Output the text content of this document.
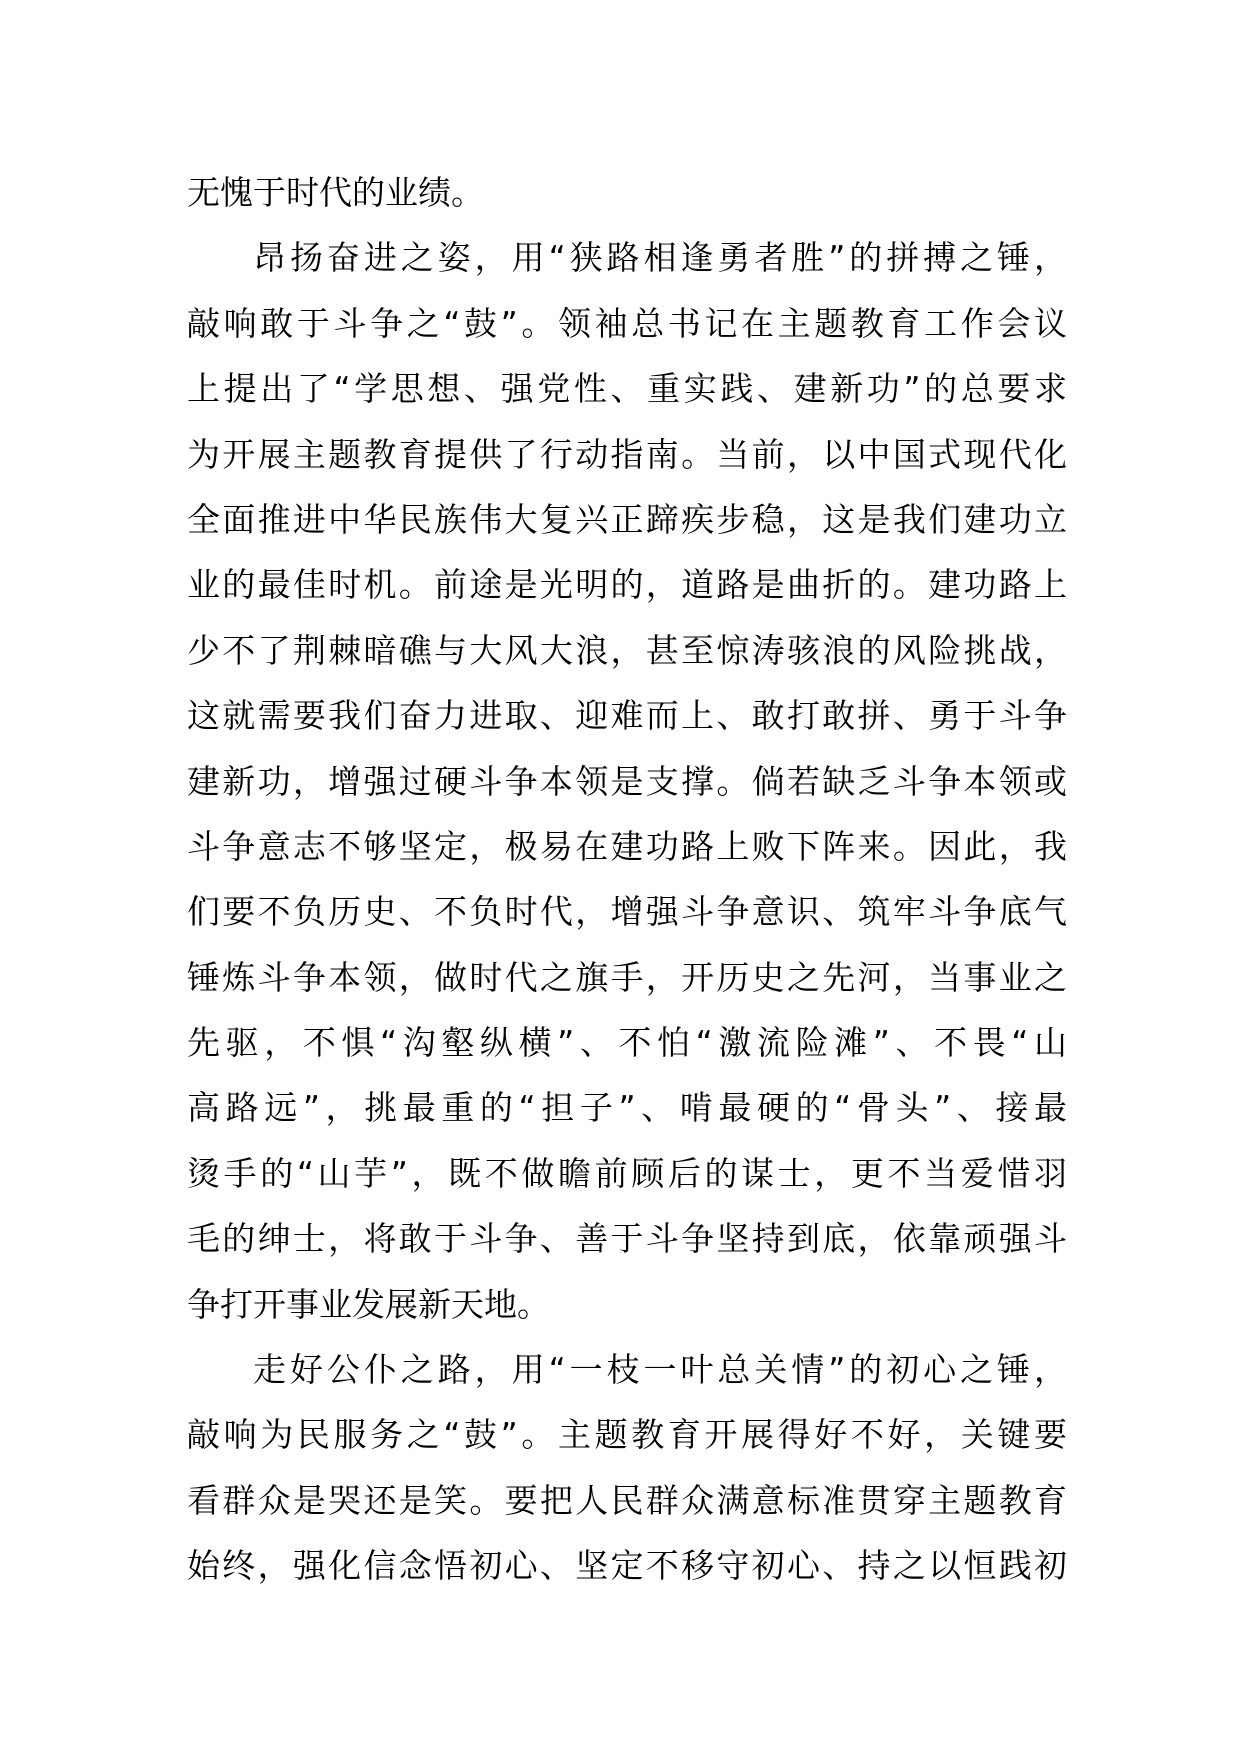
无愧于时代的业绩。
昂扬奋进之姿，用“狭路相逢勇者胜”的拼搏之锤，
敲响敢于斗争之“鼓”。领袖总书记在主题教育工作会议
上提出了“学思想、强党性、重实践、建新功”的总要求
为开展主题教育提供了行动指南。当前，以中国式现代化
全面推进中华民族伟大复兴正蹄疾步稳，这是我们建功立
业的最佳时机。前途是光明的，道路是曲折的。建功路上
少不了荆棘暗礁与大风大浪，甚至惊涛骇浪的风险挑战，
这就需要我们奋力进取、迎难而上、敢打敢拼、勇于斗争
建新功，增强过硬斗争本领是支撑。倘若缺乏斗争本领或
斗争意志不够坚定，极易在建功路上败下阵来。因此，我
们要不负历史、不负时代，增强斗争意识、筑牢斗争底气
锤炼斗争本领，做时代之旗手，开历史之先河，当事业之
先驱，不惧“沟壑纵横”、不怕“激流险滩”、不畏“山
高路远”，挑最重的“担子”、啃最硬的“骨头”、接最
烫手的“山芋”，既不做瞻前顾后的谋士，更不当爱惜羽
毛的绅士，将敢于斗争、善于斗争坚持到底，依靠顽强斗
争打开事业发展新天地。
走好公仆之路，用“一枝一叶总关情”的初心之锤，
敲响为民服务之“鼓”。主题教育开展得好不好，关键要
看群众是哭还是笑。要把人民群众满意标准贯穿主题教育
始终，强化信念悟初心、坚定不移守初心、持之以恒践初
